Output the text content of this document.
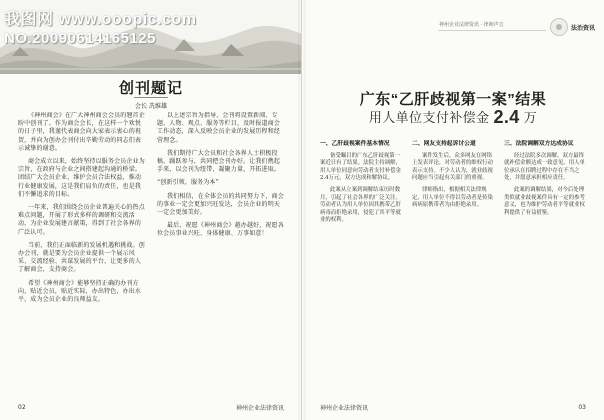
我图网 www.ooopic.com
NO.20090614165125
创刊题记
会长 冼维雄

《神州商会》在广大神州商会会员的翘首企盼中创刊了。作为商会会长，在这样一个欢悦的日子里，我谨代表商会向大家表示衷心的祝贺，并向为创办会刊付出辛勤劳动的同志们表示诚挚的谢意。

商会成立以来，始终坚持以服务会员企业为宗旨，在政府与企业之间搭建起沟通的桥梁。团结广大会员企业，维护会员合法权益，推动行业健康发展，这是我们肩负的责任，也是我们不懈追求的目标。

一年来，我们围绕会员企业普遍关心的热点难点问题，开展了形式多样的调研和交流活动，为企业发展建言献策，得到了社会各界的广泛认可。

当前，我们正面临新的发展机遇和挑战。创办会刊，就是要为会员企业提供一个展示风采、交流经验、共谋发展的平台，让更多的人了解商会，支持商会。

希望《神州商会》能够坚持正确的办刊方向，贴近会员，贴近实际，办出特色，办出水平，成为会员企业的良师益友。

以上述宗旨为指导，会刊将设置新闻、专题、人物、观点、服务等栏目，及时报道商会工作动态，深入反映会员企业的发展历程和经营理念。

我们期待广大会员和社会各界人士积极投稿，踊跃参与，共同把会刊办好。让我们携起手来，以会刊为纽带，凝聚力量，开拓进取。

“创新引领，服务为本”

我们相信，在全体会员的共同努力下，商会的事业一定会更加兴旺发达，会员企业的明天一定会更加美好。

最后，祝愿《神州商会》越办越好，祝愿各位会员事业兴旺、身体健康、万事如意！

02	神州企业法律资讯
神州企业法律资讯 · 律师声音	法治资讯
广东“乙肝歧视第一案”结果
用人单位支付补偿金 2.4 万
一、乙肝歧视案件基本情况

备受瞩目的广东乙肝歧视第一案近日有了结果。法院主持调解，用人单位同意向劳动者支付补偿金2.4万元，双方达成和解协议。

此案从立案到调解结束历时数月，引起了社会各界的广泛关注。劳动者认为用人单位因其携带乙肝病毒而拒绝录用，侵犯了其平等就业的权利。

二、网友支持起诉讨公道

案件发生后，众多网友在网络上发表评论，对劳动者的维权行动表示支持。不少人认为，就业歧视问题应当引起有关部门的重视。

律师指出，根据相关法律规定，用人单位不得以劳动者是传染病病原携带者为由拒绝录用。

三、法院调解双方达成协议

经过法院多次调解，双方最终就补偿金额达成一致意见。用人单位承认在招聘过程中存在不当之处，并愿意承担相应责任。

此案的调解结果，对今后处理类似就业歧视案件具有一定的参考意义，也为维护劳动者平等就业权利提供了有益借鉴。

神州企业法律资讯	03
